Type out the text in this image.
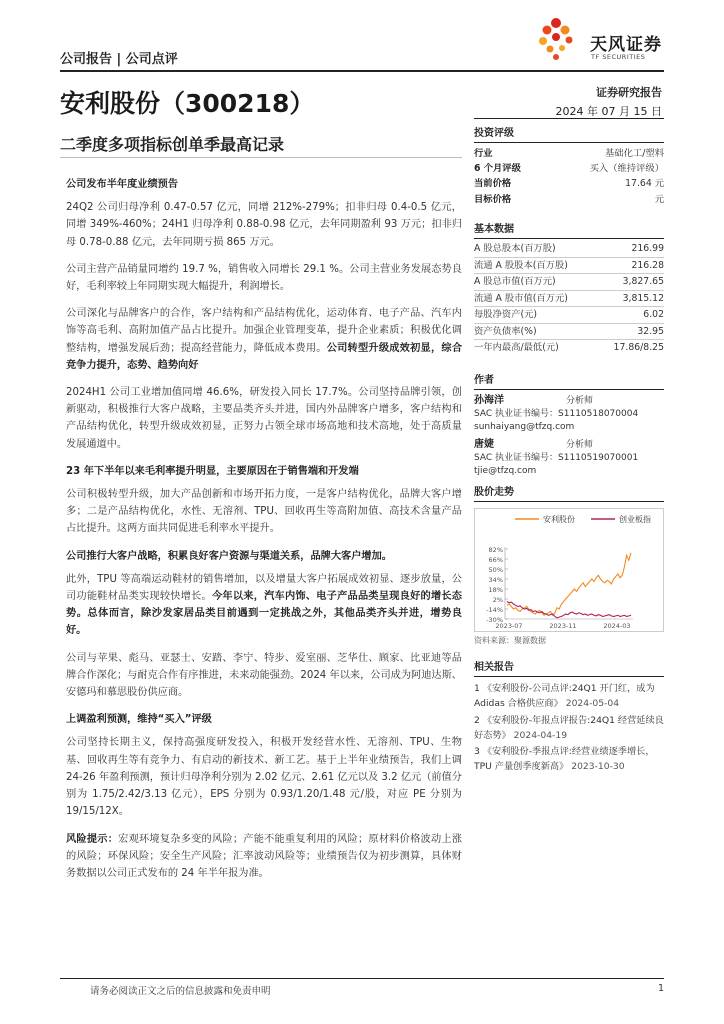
公司报告 | 公司点评
天风证券
TF SECURITIES
安利股份（300218）	证券研究报告
2024 年 07 月 15 日
二季度多项指标创单季最高记录
公司发布半年度业绩预告

24Q2 公司归母净利 0.47-0.57 亿元，同增 212%-279%；扣非归母 0.4-0.5 亿元，同增 349%-460%；24H1 归母净利 0.88-0.98 亿元，去年同期盈利 93 万元；扣非归母 0.78-0.88 亿元，去年同期亏损 865 万元。

公司主营产品销量同增约 19.7 %，销售收入同增长 29.1 %。公司主营业务发展态势良好，毛利率较上年同期实现大幅提升，利润增长。

公司深化与品牌客户的合作，客户结构和产品结构优化，运动体育、电子产品、汽车内饰等高毛利、高附加值产品占比提升。加强企业管理变革，提升企业素质；积极优化调整结构，增强发展后劲；提高经营能力，降低成本费用。公司转型升级成效初显，综合竞争力提升，态势、趋势向好

2024H1 公司工业增加值同增 46.6%，研发投入同长 17.7%。公司坚持品牌引领，创新驱动，积极推行大客户战略，主要品类齐头并进，国内外品牌客户增多，客户结构和产品结构优化，转型升级成效初显，正努力占领全球市场高地和技术高地，处于高质量发展通道中。

23 年下半年以来毛利率提升明显，主要原因在于销售端和开发端

公司积极转型升级，加大产品创新和市场开拓力度，一是客户结构优化，品牌大客户增多；二是产品结构优化，水性、无溶剂、TPU、回收再生等高附加值、高技术含量产品占比提升。这两方面共同促进毛利率水平提升。

公司推行大客户战略，积累良好客户资源与渠道关系，品牌大客户增加。

此外，TPU 等高端运动鞋材的销售增加，以及增量大客户拓展成效初显、逐步放量，公司功能鞋材品类实现较快增长。今年以来，汽车内饰、电子产品品类呈现良好的增长态势。总体而言，除沙发家居品类目前遇到一定挑战之外，其他品类齐头并进，增势良好。

公司与苹果、彪马、亚瑟士、安踏、李宁、特步、爱室丽、芝华仕、顾家、比亚迪等品牌合作深化；与耐克合作有序推进，未来动能强劲。2024 年以来，公司成为阿迪达斯、安德玛和慕思股份供应商。

上调盈利预测，维持“买入”评级

公司坚持长期主义，保持高强度研发投入，积极开发经营水性、无溶剂、TPU、生物基、回收再生等有竞争力、有启动的新技术、新工艺。基于上半年业绩预告，我们上调 24-26 年盈利预测，预计归母净利分别为 2.02 亿元、2.61 亿元以及 3.2 亿元（前值分别为 1.75/2.42/3.13 亿元），EPS 分别为 0.93/1.20/1.48 元/股，对应 PE 分别为 19/15/12X。

风险提示：宏观环境复杂多变的风险；产能不能重复利用的风险；原材料价格波动上涨的风险；环保风险；安全生产风险；汇率波动风险等；业绩预告仅为初步测算，具体财务数据以公司正式发布的 24 年半年报为准。

投资评级
行业	基础化工/塑料
6 个月评级	买入（维持评级）
当前价格	17.64 元
目标价格	元
基本数据
A 股总股本(百万股)	216.99
流通 A 股股本(百万股)	216.28
A 股总市值(百万元)	3,827.65
流通 A 股市值(百万元)	3,815.12
每股净资产(元)	6.02
资产负债率(%)	32.95
一年内最高/最低(元)	17.86/8.25
作者
孙海洋	分析师
SAC 执业证书编号：S1110518070004
sunhaiyang@tfzq.com
唐婕	分析师
SAC 执业证书编号：S1110519070001
tjie@tfzq.com
股价走势
安利股份	创业板指
82%
66%
50%
34%
18%
2%
-14%
-30%
2023-07	2023-11	2024-03
资料来源：聚源数据
相关报告
1 《安利股份-公司点评:24Q1 开门红，成为 Adidas 合格供应商》 2024-05-04
2 《安利股份-年报点评报告:24Q1 经营延续良好态势》 2024-04-19
3 《安利股份-季报点评:经营业绩逐季增长，TPU 产量创季度新高》 2023-10-30
请务必阅读正文之后的信息披露和免责申明	1
